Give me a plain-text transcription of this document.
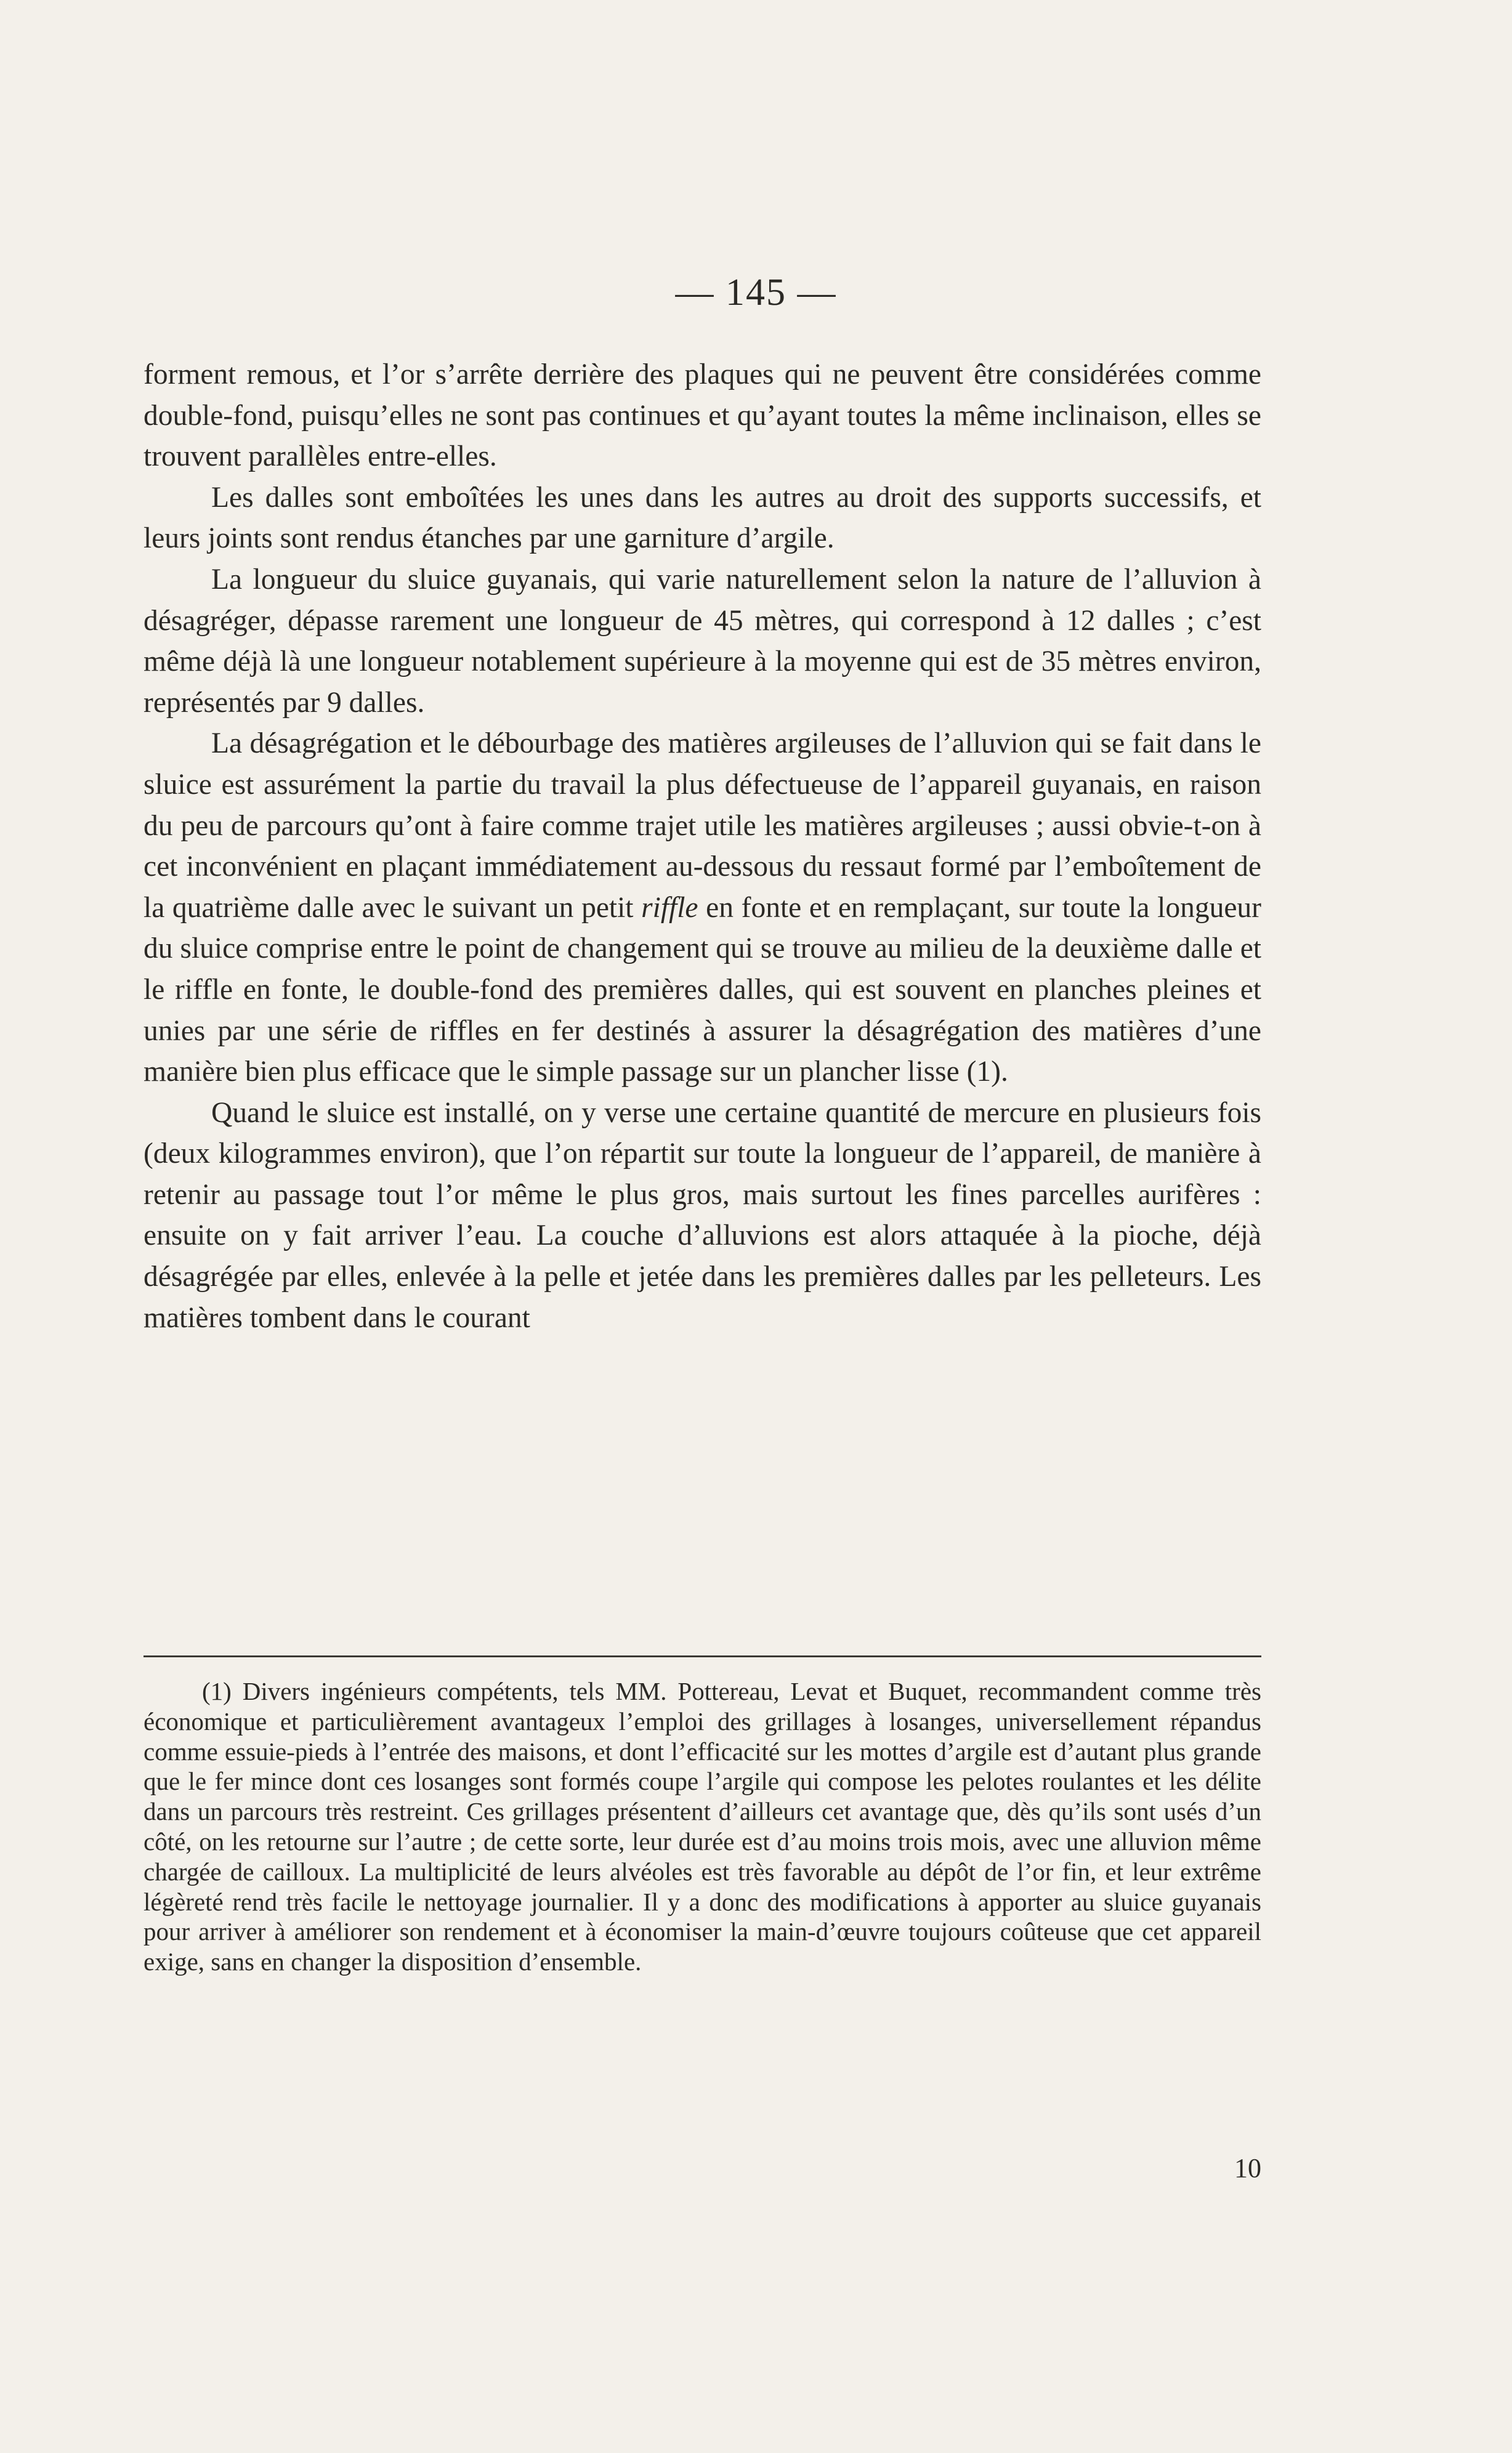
— 145 —

forment remous, et l’or s’arrête derrière des plaques qui ne peuvent être considérées comme double-fond, puisqu’elles ne sont pas continues et qu’ayant toutes la même inclinaison, elles se trouvent parallèles entre-elles.

Les dalles sont emboîtées les unes dans les autres au droit des supports successifs, et leurs joints sont rendus étanches par une garniture d’argile.

La longueur du sluice guyanais, qui varie naturellement selon la nature de l’alluvion à désagréger, dépasse rarement une longueur de 45 mètres, qui correspond à 12 dalles ; c’est même déjà là une longueur notablement supérieure à la moyenne qui est de 35 mètres environ, représentés par 9 dalles.

La désagrégation et le débourbage des matières argileuses de l’alluvion qui se fait dans le sluice est assurément la partie du travail la plus défectueuse de l’appareil guyanais, en raison du peu de parcours qu’ont à faire comme trajet utile les matières argileuses ; aussi obvie-t-on à cet inconvénient en plaçant immédiatement au-dessous du ressaut formé par l’emboîtement de la quatrième dalle avec le suivant un petit riffle en fonte et en remplaçant, sur toute la longueur du sluice comprise entre le point de changement qui se trouve au milieu de la deuxième dalle et le riffle en fonte, le double-fond des premières dalles, qui est souvent en planches pleines et unies par une série de riffles en fer destinés à assurer la désagrégation des matières d’une manière bien plus efficace que le simple passage sur un plancher lisse (1).

Quand le sluice est installé, on y verse une certaine quantité de mercure en plusieurs fois (deux kilogrammes environ), que l’on répartit sur toute la longueur de l’appareil, de manière à retenir au passage tout l’or même le plus gros, mais surtout les fines parcelles aurifères : ensuite on y fait arriver l’eau. La couche d’alluvions est alors attaquée à la pioche, déjà désagrégée par elles, enlevée à la pelle et jetée dans les premières dalles par les pelleteurs. Les matières tombent dans le courant

(1) Divers ingénieurs compétents, tels MM. Pottereau, Levat et Buquet, recommandent comme très économique et particulièrement avantageux l’emploi des grillages à losanges, universellement répandus comme essuie-pieds à l’entrée des maisons, et dont l’efficacité sur les mottes d’argile est d’autant plus grande que le fer mince dont ces losanges sont formés coupe l’argile qui compose les pelotes roulantes et les délite dans un parcours très restreint. Ces grillages présentent d’ailleurs cet avantage que, dès qu’ils sont usés d’un côté, on les retourne sur l’autre ; de cette sorte, leur durée est d’au moins trois mois, avec une alluvion même chargée de cailloux. La multiplicité de leurs alvéoles est très favorable au dépôt de l’or fin, et leur extrême légèreté rend très facile le nettoyage journalier. Il y a donc des modifications à apporter au sluice guyanais pour arriver à améliorer son rendement et à économiser la main-d’œuvre toujours coûteuse que cet appareil exige, sans en changer la disposition d’ensemble.

10
